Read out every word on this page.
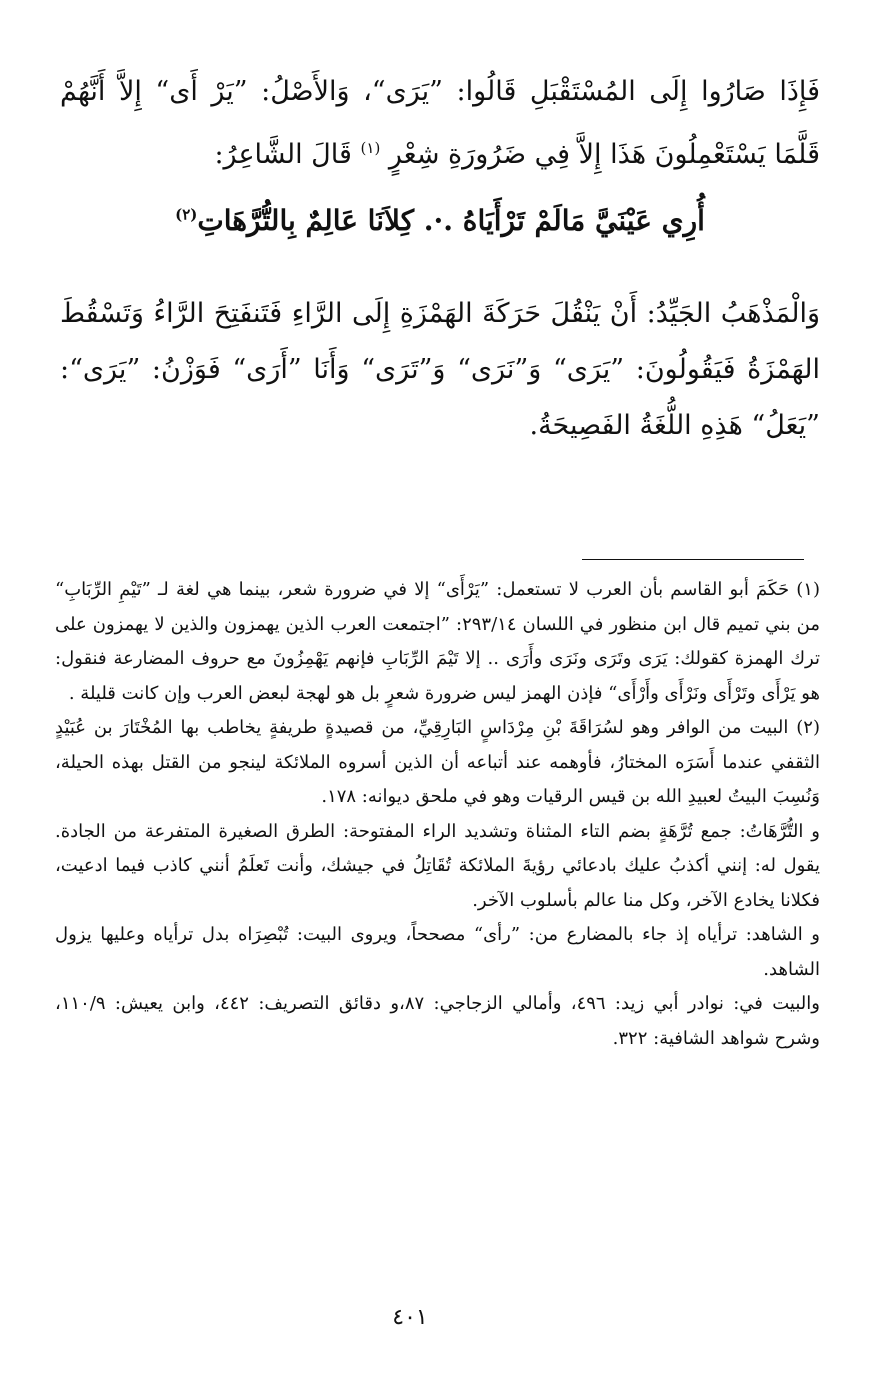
فَإِذَا صَارُوا إِلَى المُسْتَقْبَلِ قَالُوا: ”يَرَى“، وَالأَصْلُ: ”يَرْ أَى“ إِلاَّ أَنَّهُمْ قَلَّمَا يَسْتَعْمِلُونَ هَذَا إِلاَّ فِي ضَرُورَةِ شِعْرٍ $^{(١)}$ قَالَ الشَّاعِرُ:

أُرِي عَيْنَيَّ مَالَمْ تَرْأَيَاهُ .·. كِلاَنَا عَالِمٌ بِالتُّرَّهَاتِ$^{(٢)}$

وَالْمَذْهَبُ الجَيِّدُ: أَنْ يَنْقُلَ حَرَكَةَ الهَمْزَةِ إِلَى الرَّاءِ فَتَنفَتِحَ الرَّاءُ وَتَسْقُطَ الهَمْزَةُ فَيَقُولُونَ: ”يَرَى“ وَ”نَرَى“ وَ”تَرَى“ وَأَنَا ”أَرَى“ فَوَزْنُ: ”يَرَى“: ”يَعَلُ“ هَذِهِ اللُّغَةُ الفَصِيحَةُ.

(١) حَكَمَ أبو القاسم بأن العرب لا تستعمل: ”يَرْأَى“ إلا في ضرورة شعر، بينما هي لغة لـ ”تَيْمِ الرِّبَابِ“ من بني تميم قال ابن منظور في اللسان ٢٩٣/١٤: ”اجتمعت العرب الذين يهمزون والذين لا يهمزون على ترك الهمزة كقولك: يَرَى وتَرَى ونَرَى وأَرَى .. إلا تَيْمَ الرِّبَابِ فإنهم يَهْمِزُونَ مع حروف المضارعة فنقول: هو يَرْأَى وتَرْأَى ونَرْأَى وأَرْأَى“ فإذن الهمز ليس ضرورة شعرٍ بل هو لهجة لبعض العرب وإن كانت قليلة .

(٢) البيت من الوافر وهو لسُرَاقَةَ بْنِ مِرْدَاسٍ البَارِقِيِّ، من قصيدةٍ طريفةٍ يخاطب بها المُخْتَارَ بن عُبَيْدٍ الثقفي عندما أَسَرَه المختارُ، فأوهمه عند أتباعه أن الذين أسروه الملائكة لينجو من القتل بهذه الحيلة، وَنُسِبَ البيتُ لعبيدِ الله بن قيس الرقيات وهو في ملحق ديوانه: ١٧٨.

و التُّرَّهَاتُ: جمع تُرَّهَةٍ بضم التاء المثناة وتشديد الراء المفتوحة: الطرق الصغيرة المتفرعة من الجادة. يقول له: إنني أكذبُ عليك بادعائي رؤيةَ الملائكة تُقَاتِلُ في جيشك، وأنت تَعلَمُ أنني كاذب فيما ادعيت، فكلانا يخادع الآخر، وكل منا عالم بأسلوب الآخر.

و الشاهد: ترأياه إذ جاء بالمضارع من: ”رأى“ مصححاً، ويروى البيت: تُبْصِرَاه بدل ترأياه وعليها يزول الشاهد.

والبيت في: نوادر أبي زيد: ٤٩٦، وأمالي الزجاجي: ٨٧،و دقائق التصريف: ٤٤٢، وابن يعيش: ١١٠/٩، وشرح شواهد الشافية: ٣٢٢.

٤٠١
